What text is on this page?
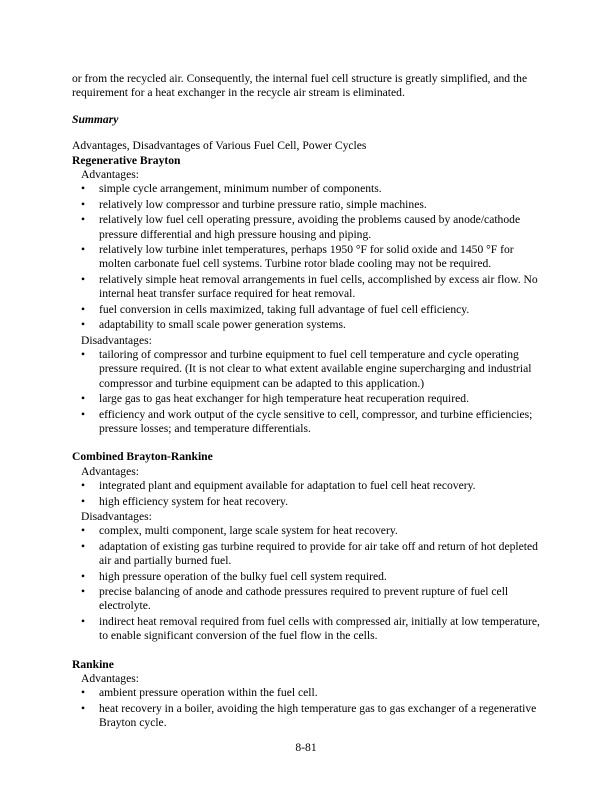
or from the recycled air. Consequently, the internal fuel cell structure is greatly simplified, and the requirement for a heat exchanger in the recycle air stream is eliminated.

Summary

Advantages, Disadvantages of Various Fuel Cell, Power Cycles

Regenerative Brayton

Advantages:

• simple cycle arrangement, minimum number of components.
• relatively low compressor and turbine pressure ratio, simple machines.
• relatively low fuel cell operating pressure, avoiding the problems caused by anode/cathode pressure differential and high pressure housing and piping.
• relatively low turbine inlet temperatures, perhaps 1950 °F for solid oxide and 1450 °F for molten carbonate fuel cell systems. Turbine rotor blade cooling may not be required.
• relatively simple heat removal arrangements in fuel cells, accomplished by excess air flow. No internal heat transfer surface required for heat removal.
• fuel conversion in cells maximized, taking full advantage of fuel cell efficiency.
• adaptability to small scale power generation systems.

Disadvantages:

• tailoring of compressor and turbine equipment to fuel cell temperature and cycle operating pressure required. (It is not clear to what extent available engine supercharging and industrial compressor and turbine equipment can be adapted to this application.)
• large gas to gas heat exchanger for high temperature heat recuperation required.
• efficiency and work output of the cycle sensitive to cell, compressor, and turbine efficiencies; pressure losses; and temperature differentials.

Combined Brayton-Rankine

Advantages:

• integrated plant and equipment available for adaptation to fuel cell heat recovery.
• high efficiency system for heat recovery.

Disadvantages:

• complex, multi component, large scale system for heat recovery.
• adaptation of existing gas turbine required to provide for air take off and return of hot depleted air and partially burned fuel.
• high pressure operation of the bulky fuel cell system required.
• precise balancing of anode and cathode pressures required to prevent rupture of fuel cell electrolyte.
• indirect heat removal required from fuel cells with compressed air, initially at low temperature, to enable significant conversion of the fuel flow in the cells.

Rankine

Advantages:

• ambient pressure operation within the fuel cell.
• heat recovery in a boiler, avoiding the high temperature gas to gas exchanger of a regenerative Brayton cycle.
8-81
